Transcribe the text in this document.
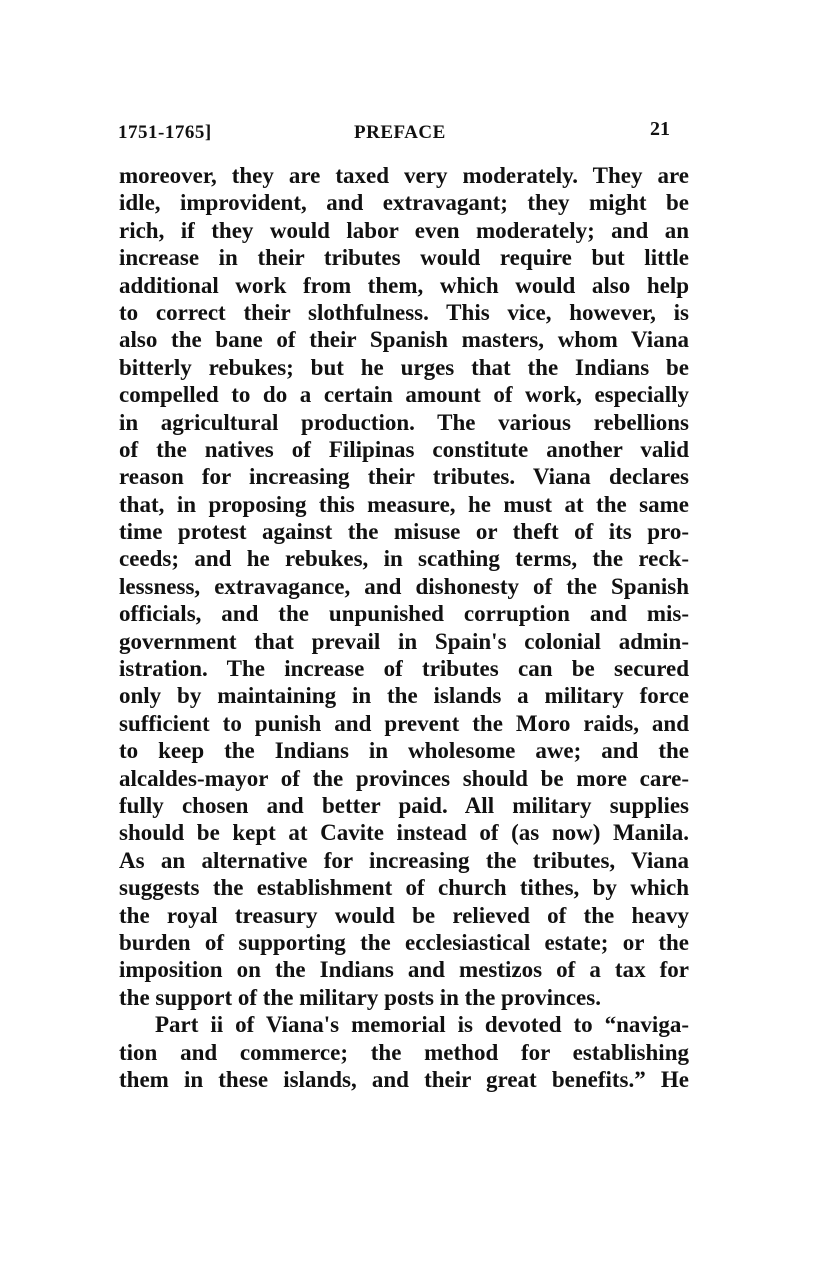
1751-1765]	PREFACE	21
moreover, they are taxed very moderately. They are
idle, improvident, and extravagant; they might be
rich, if they would labor even moderately; and an
increase in their tributes would require but little
additional work from them, which would also help
to correct their slothfulness. This vice, however, is
also the bane of their Spanish masters, whom Viana
bitterly rebukes; but he urges that the Indians be
compelled to do a certain amount of work, especially
in agricultural production. The various rebellions
of the natives of Filipinas constitute another valid
reason for increasing their tributes. Viana declares
that, in proposing this measure, he must at the same
time protest against the misuse or theft of its pro-
ceeds; and he rebukes, in scathing terms, the reck-
lessness, extravagance, and dishonesty of the Spanish
officials, and the unpunished corruption and mis-
government that prevail in Spain's colonial admin-
istration. The increase of tributes can be secured
only by maintaining in the islands a military force
sufficient to punish and prevent the Moro raids, and
to keep the Indians in wholesome awe; and the
alcaldes-mayor of the provinces should be more care-
fully chosen and better paid. All military supplies
should be kept at Cavite instead of (as now) Manila.
As an alternative for increasing the tributes, Viana
suggests the establishment of church tithes, by which
the royal treasury would be relieved of the heavy
burden of supporting the ecclesiastical estate; or the
imposition on the Indians and mestizos of a tax for
the support of the military posts in the provinces.
Part ii of Viana's memorial is devoted to “naviga-
tion and commerce; the method for establishing
them in these islands, and their great benefits.” He
